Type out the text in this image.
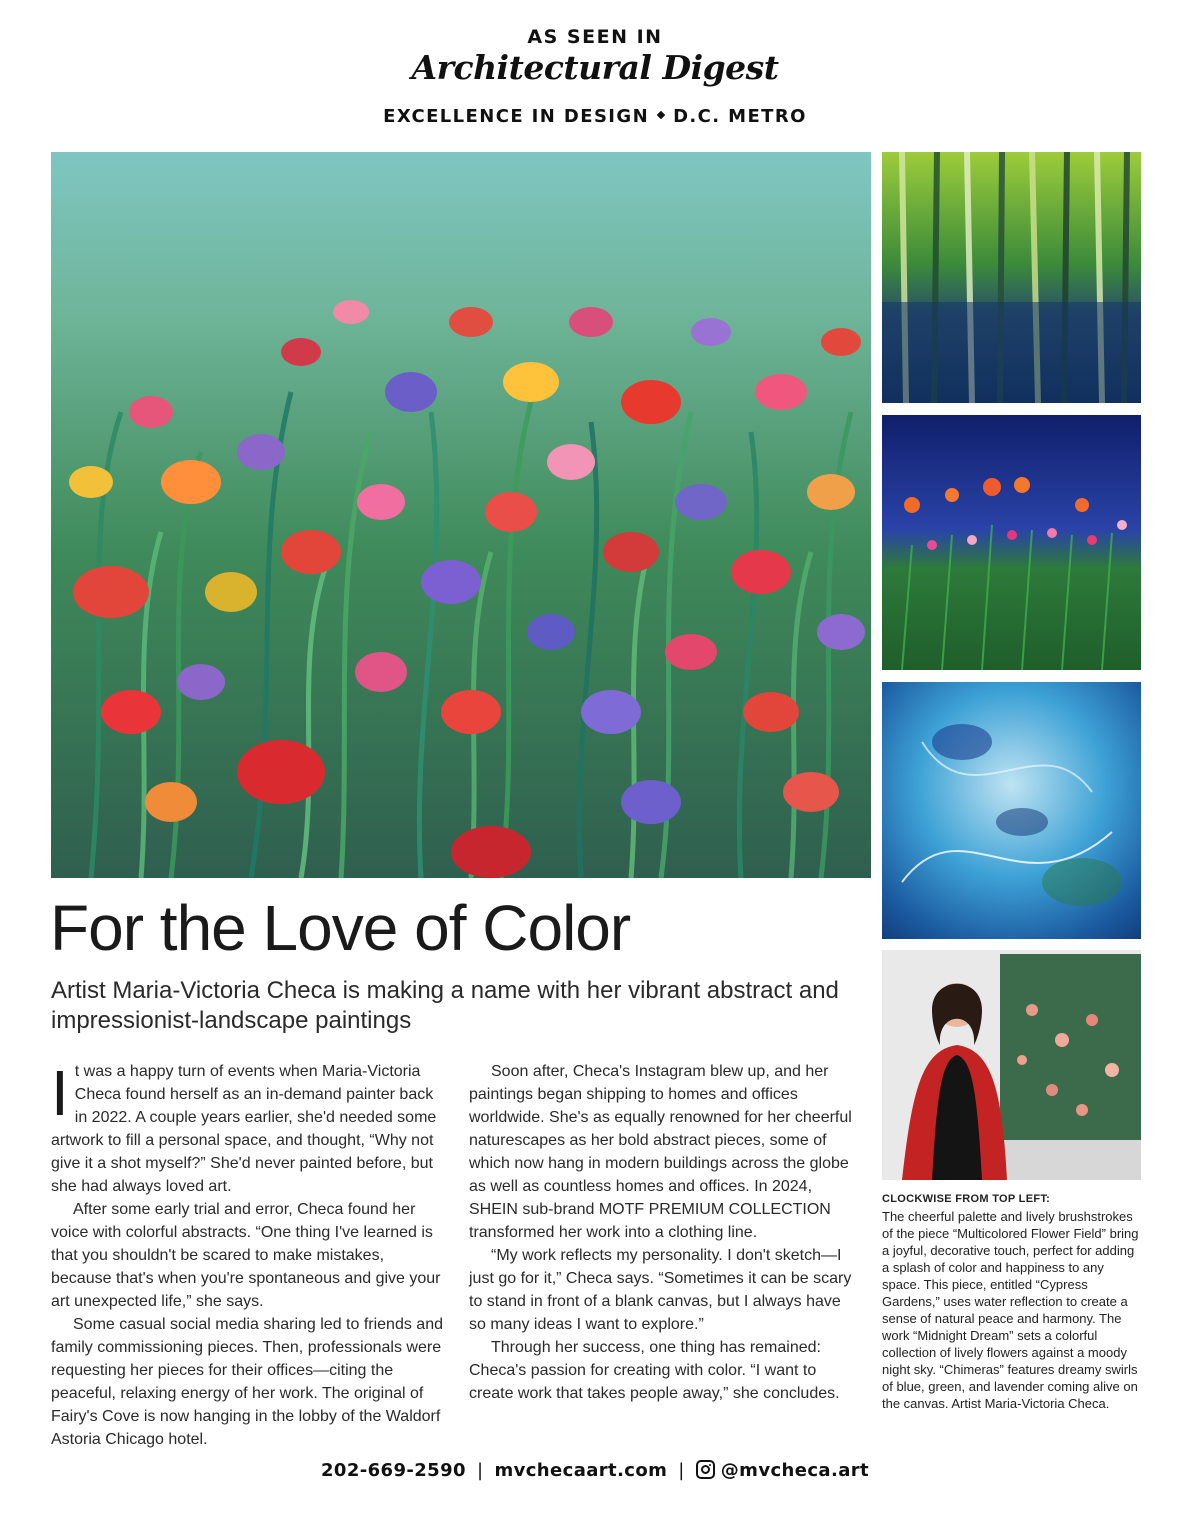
AS SEEN IN
Architectural Digest
EXCELLENCE IN DESIGN D.C. METRO
For the Love of Color
Artist Maria-Victoria Checa is making a name with her vibrant abstract and impressionist-landscape paintings

It was a happy turn of events when Maria-Victoria Checa found herself as an in-demand painter back in 2022. A couple years earlier, she'd needed some artwork to fill a personal space, and thought, “Why not give it a shot myself?” She'd never painted before, but she had always loved art.

After some early trial and error, Checa found her voice with colorful abstracts. “One thing I've learned is that you shouldn't be scared to make mistakes, because that's when you're spontaneous and give your art unexpected life,” she says.

Some casual social media sharing led to friends and family commissioning pieces. Then, professionals were requesting her pieces for their offices—citing the peaceful, relaxing energy of her work. The original of Fairy's Cove is now hanging in the lobby of the Waldorf Astoria Chicago hotel.

Soon after, Checa's Instagram blew up, and her paintings began shipping to homes and offices worldwide. She's as equally renowned for her cheerful naturescapes as her bold abstract pieces, some of which now hang in modern buildings across the globe as well as countless homes and offices. In 2024, SHEIN sub-brand MOTF PREMIUM COLLECTION transformed her work into a clothing line.

“My work reflects my personality. I don't sketch—I just go for it,” Checa says. “Sometimes it can be scary to stand in front of a blank canvas, but I always have so many ideas I want to explore.”

Through her success, one thing has remained: Checa's passion for creating with color. “I want to create work that takes people away,” she concludes.

CLOCKWISE FROM TOP LEFT:
The cheerful palette and lively brushstrokes of the piece “Multicolored Flower Field” bring a joyful, decorative touch, perfect for adding a splash of color and happiness to any space. This piece, entitled “Cypress Gardens,” uses water reflection to create a sense of natural peace and harmony. The work “Midnight Dream” sets a colorful collection of lively flowers against a moody night sky. “Chimeras” features dreamy swirls of blue, green, and lavender coming alive on the canvas. Artist Maria-Victoria Checa.
202-669-2590 | mvchecaart.com | @mvcheca.art
